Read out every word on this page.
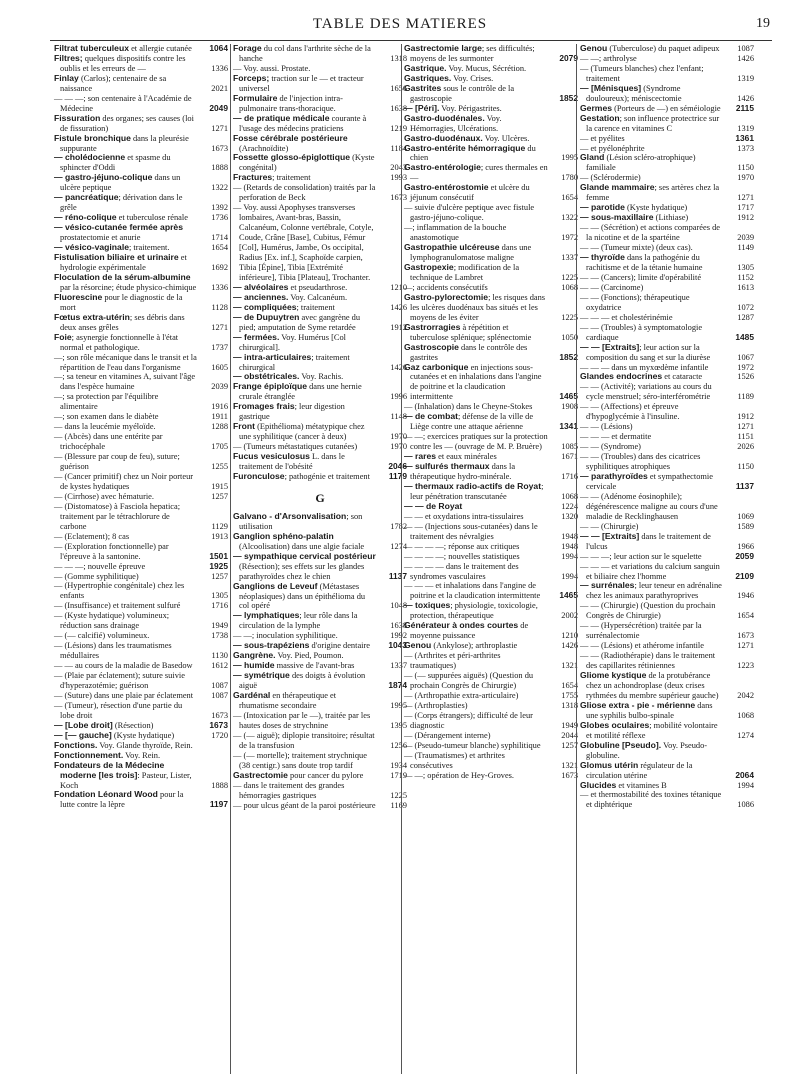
TABLE DES MATIERES	19
Filtrat tuberculeux et allergie cutanée 1064
Filtres; quelques dispositifs contre les oublis et les erreurs de —	1336
Finlay (Carlos); centenaire de sa naissance	2021
— — —; son centenaire à l'Académie de Médecine	2049
Fissuration des organes; ses causes (loi de fissuration)	1271
Fistule bronchique dans la pleurésie suppurante	1673
— cholédocienne et spasme du sphincter d'Oddi	1888
— gastro-jéjuno-colique dans un ulcère peptique	1322
— pancréatique; dérivation dans le grêle	1392
— réno-colique et tuberculose rénale	1736
— vésico-cutanée fermée après prostatectomie et anurie	1714
— vésico-vaginale; traitement.	1654
Fistulisation biliaire et urinaire et hydrologie expérimentale	1692
Floculation de la sérum-albumine par la résorcine; étude physico-chimique 1336
Fluorescine pour le diagnostic de la mort	1128
Fœtus extra-utérin; ses débris dans deux anses grêles	1271
Foie; asynergie fonctionnelle à l'état normal et pathologique.	1737
—; son rôle mécanique dans le transit et la répartition de l'eau dans l'organisme	1605
—; sa teneur en vitamines A, suivant l'âge dans l'espèce humaine	2039
—; sa protection par l'équilibre alimentaire	1916
—; son examen dans le diabète	1911
— dans la leucémie myéloïde.	1288
— (Abcès) dans une entérite par trichocéphale	1705
— (Blessure par coup de feu), suture; guérison	1255
— (Cancer primitif) chez un Noir porteur de kystes hydatiques	1915
— (Cirrhose) avec hématurie.	1257
— (Distomatose) à Fasciola hepatica; traitement par le tétrachlorure de carbone	1129
— (Eclatement); 8 cas	1913
— (Exploration fonctionnelle) par l'épreuve à la santonine.	1501
— — —; nouvelle épreuve	1925
— (Gomme syphilitique)	1257
— (Hypertrophie congénitale) chez les enfants	1305
— (Insuffisance) et traitement sulfuré	1716
— (Kyste hydatique) volumineux; réduction sans drainage	1949
— (— calcifié) volumineux.	1738
— (Lésions) dans les traumatismes médullaires	1130
— — au cours de la maladie de Basedow 1612
— (Plaie par éclatement); suture suivie d'hyperazotémie; guérison	1087
— (Suture) dans une plaie par éclatement 1087
— (Tumeur), résection d'une partie du lobe droit	1673
— [Lobe droit] (Résection)	1673
— [— gauche] (Kyste hydatique)	1720
Fonctions. Voy. Glande thyroïde, Rein.
Fonctionnement. Voy. Rein.
Fondateurs de la Médecine moderne [les trois]: Pasteur, Lister, Koch	1888
Fondation Léonard Wood pour la lutte contre la lèpre	1197
Forage du col dans l'arthrite sèche de la hanche	1318
— Voy. aussi. Prostate.
Forceps; traction sur le — et tracteur universel	1656
Formulaire de l'injection intra-pulmonaire trans-thoracique.	1638
— de pratique médicale courante à l'usage des médecins praticiens	1219
Fosse cérébrale postérieure (Arachnoïdite)	1184
Fossette glosso-épiglottique (Kyste congénital)	2043
Fractures; traitement	1993
— (Retards de consolidation) traités par la perforation de Beck	1673
— Voy. aussi Apophyses transverses lombaires, Avant-bras, Bassin, Calcanéum, Colonne vertébrale, Cotyle, Coude, Crâne [Base], Cubitus, Fémur [Col], Humérus, Jambe, Os occipital, Radius [Ex. inf.], Scaphoïde carpien, Tibia [Épine], Tibia [Extrémité inférieure], Tibia [Plateau], Trochanter.
— alvéolaires et pseudarthrose.	1210
— anciennes. Voy. Calcanéum.
— compliquées; traitement	1426
— de Dupuytren avec gangrène du pied; amputation de Syme retardée	1912
— fermées. Voy. Humérus [Col chirurgical].
— intra-articulaires; traitement chirurgical	1426
— obstétricales. Voy. Rachis.
Frange épiploïque dans une hernie crurale étranglée	1996
Fromages frais; leur digestion gastrique	1148
Front (Epithélioma) métatypique chez une syphilitique (cancer à deux)	1970
— (Tumeurs métastatiques cutanées)	1970
Fucus vesiculosus L. dans le traitement de l'obésité	2046
Furonculose; pathogénie et traitement 1179
G
Galvano - d'Arsonvalisation; son utilisation	1782
Ganglion sphéno-palatin (Alcoolisation) dans une algie faciale	1274
— sympathique cervical postérieur (Résection); ses effets sur les glandes parathyroïdes chez le chien	1137
Ganglions de Leveuf (Métastases néoplasiques) dans un épithélioma du col opéré	1048
— lymphatiques; leur rôle dans la circulation de la lymphe	1638
— —; inoculation syphilitique.	1992
— sous-trapéziens d'origine dentaire 1043
Gangrène. Voy. Pied, Poumon.
— humide massive de l'avant-bras	1337
— symétrique des doigts à évolution aiguë	1874
Gardénal en thérapeutique et rhumatisme secondaire	1995
— (Intoxication par le —), traitée par les hautes doses de strychnine	1395
— (— aiguë); diplopie transitoire; résultat de la transfusion	1256
— (— mortelle); traitement strychnique (38 centigr.) sans doute trop tardif	1934
Gastrectomie pour cancer du pylore	1719
— dans le traitement des grandes hémorragies gastriques	1225
— pour ulcus géant de la paroi postérieure 1169
Gastrectomie large; ses difficultés; moyens de les surmonter	2079
Gastrique. Voy. Mucus, Sécrétion.
Gastriques. Voy. Crises.
Gastrites sous le contrôle de la gastroscopie	1852
— [Péri]. Voy. Périgastrites.
Gastro-duodénales. Voy. Hémorragies, Ulcérations.
Gastro-duodénaux. Voy. Ulcères.
Gastro-entérite hémorragique du chien	1995
Gastro-entérologie; cures thermales en —	1780
Gastro-entérostomie et ulcère du jéjunum consécutif	1654
— suivie d'ulcère peptique avec fistule gastro-jéjuno-colique.	1322
—; inflammation de la bouche anastomotique	1972
Gastropathie ulcéreuse dans une lymphogranulomatose maligne	1337
Gastropexie; modification de la technique de Lambret	1225
—; accidents consécutifs	1068
Gastro-pylorectomie; les risques dans les ulcères duodénaux bas situés et les moyens de les éviter	1225
Gastrorragies à répétition et tuberculose splénique; splénectomie	1050
Gastroscopie dans le contrôle des gastrites	1852
Gaz carbonique en injections sous-cutanées et en inhalations dans l'angine de poitrine et la claudication intermittente	1465
— (Inhalation) dans le Cheyne-Stokes	1908
— de combat; défense de la ville de Liège contre une attaque aérienne	1341
— —; exercices pratiques sur la protection contre les — (ouvrage de M. P. Bruère) 1085
— rares et eaux minérales	1671
— sulfurés thermaux dans la thérapeutique hydro-minérale.	1716
— thermaux radio-actifs de Royat; leur pénétration transcutanée	1068
— — de Royat	1224
— — et oxydations intra-tissulaires	1320
— — (Injections sous-cutanées) dans le traitement des névralgies	1948
— — — —; réponse aux critiques	1948
— — — —; nouvelles statistiques	1994
— — — — dans le traitement des syndromes vasculaires	1994
— — — et inhalations dans l'angine de poitrine et la claudication intermittente 1465
— toxiques; physiologie, toxicologie, protection, thérapeutique	2002
Générateur à ondes courtes de moyenne puissance	1210
Genou (Ankylose); arthroplastie	1426
— (Arthrites et péri-arthrites traumatiques)	1321
— (— suppurées aiguës) (Question du prochain Congrès de Chirurgie)	1654
— (Arthropathie extra-articulaire)	1755
— (Arthroplasties)	1318
— (Corps étrangers); difficulté de leur diagnostic	1949
— (Dérangement interne)	2044
— (Pseudo-tumeur blanche) syphilitique 1257
— (Traumatismes) et arthrites consécutives	1321
— —; opération de Hey-Groves.	1673
Genou (Tuberculose) du paquet adipeux 1087
— —; arthrolyse	1426
— (Tumeurs blanches) chez l'enfant; traitement	1319
— [Ménisques] (Syndrome douloureux); méniscectomie	1426
Germes (Porteurs de —) en séméiologie 2115
Gestation; son influence protectrice sur la carence en vitamines C	1319
— et pyélites	1361
— et pyélonéphrite	1373
Gland (Lésion scléro-atrophique) familiale	1150
— (Sclérodermie)	1970
Glande mammaire; ses artères chez la femme	1271
— parotide (Kyste hydatique)	1717
— sous-maxillaire (Lithiase)	1912
— — (Sécrétion) et actions comparées de la nicotine et de la spartéine	2039
— — (Tumeur mixte) (deux cas).	1149
— thyroïde dans la pathogénie du rachitisme et de la tétanie humaine	1305
— — (Cancers); limite d'opérabilité	1152
— — (Carcinome)	1613
— — (Fonctions); thérapeutique oxydatrice	1072
— — — et cholestérinémie	1287
— — (Troubles) à symptomatologie cardiaque	1485
— — [Extraits]; leur action sur la composition du sang et sur la diurèse	1067
— — — dans un myxœdème infantile	1972
Glandes endocrines et cataracte	1526
— — (Activité); variations au cours du cycle menstruel; séro-interférométrie	1189
— — (Affections) et épreuve d'hypoglycémie à l'insuline.	1912
— — (Lésions)	1271
— — — et dermatite	1151
— — (Syndrome)	2026
— — (Troubles) dans des cicatrices syphilitiques atrophiques	1150
— parathyroïdes et sympathectomie cervicale	1137
— — (Adénome éosinophile); dégénérescence maligne au cours d'une maladie de Recklinghausen	1069
— — (Chirurgie)	1589
— — [Extraits] dans le traitement de l'ulcus	1966
— — —; leur action sur le squelette	2059
— — — et variations du calcium sanguin et biliaire chez l'homme	2109
— surrénales; leur teneur en adrénaline chez les animaux parathyroprives	1946
— — (Chirurgie) (Question du prochain Congrès de Chirurgie)	1654
— — (Hypersécrétion) traitée par la surrénalectomie	1673
— — (Lésions) et athérome infantile	1271
— — (Radiothérapie) dans le traitement des capillarites rétiniennes	1223
Gliome kystique de la protubérance chez un achondroplase (deux crises rythmées du membre supérieur gauche) 2042
Gliose extra - pie - mérienne dans une syphilis bulbo-spinale	1068
Globes oculaires; mobilité volontaire et motilité réflexe	1274
Globuline [Pseudo]. Voy. Pseudo-globuline.
Glomus utérin régulateur de la circulation utérine	2064
Glucides et vitamines B	1994
— et thermostabilité des toxines tétanique et diphtérique	1086
